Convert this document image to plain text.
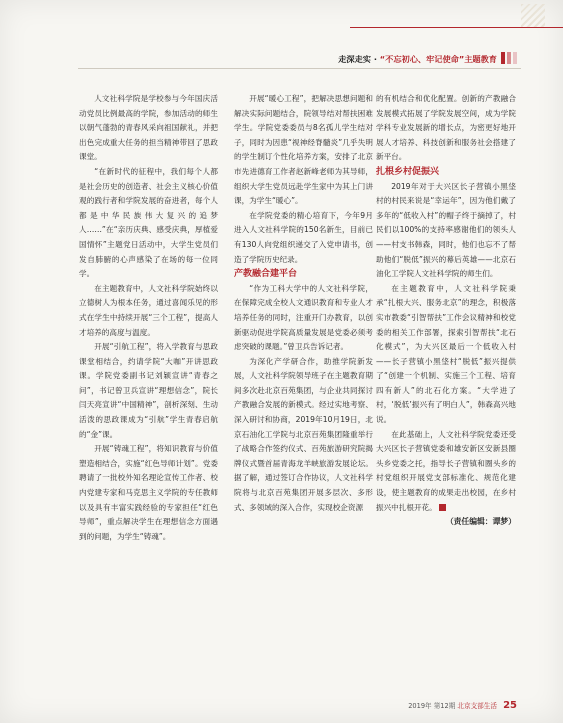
走深走实 · “不忘初心、牢记使命”主题教育

人文社科学院是学校参与今年国庆活动党员比例最高的学院，参加活动的师生以朝气蓬勃的青春风采向祖国献礼，并把出色完成重大任务的担当精神带回了思政课堂。

“在新时代的征程中，我们每个人都是社会历史的创造者、社会主义核心价值观的践行者和学院发展的奋进者，每个人都是中华民族伟大复兴的追梦人……”在“亲历庆典、感受庆典，厚植爱国情怀”主题党日活动中，大学生党员们发自肺腑的心声感染了在场的每一位同学。

在主题教育中，人文社科学院始终以立德树人为根本任务，通过喜闻乐见的形式在学生中持续开展“三个工程”，提高人才培养的高度与温度。

开展“引航工程”，将入学教育与思政课堂相结合，约请学院“大咖”开讲思政课。学院党委副书记刘颖宣讲“青春之问”，书记曾卫兵宣讲“理想信念”，院长闫天亮宣讲“中国精神”，剖析深刻、生动活泼的思政课成为“引航”学生青春启航的“金”课。

开展“铸魂工程”，将知识教育与价值塑造相结合，实施“红色导师计划”。党委聘请了一批校外知名理论宣传工作者、校内党建专家和马克思主义学院的专任教师以及具有丰富实践经验的专家担任“红色导师”，重点解决学生在理想信念方面遇到的问题，为学生“铸魂”。

开展“暖心工程”，把解决思想问题和解决实际问题结合，院领导结对帮扶困难学生。学院党委委员与8名孤儿学生结对子，同时为因患“视神经脊髓炎”几乎失明的学生制订个性化培养方案，安排了北京市先进德育工作者赵新峰老师为其导师，组织大学生党员远赴学生家中为其上门讲课，为学生“暖心”。

在学院党委的精心培育下，今年9月进入人文社科学院的150名新生，目前已有130人向党组织递交了入党申请书，创造了学院历史纪录。

产教融合建平台

“作为工科大学中的人文社科学院，在保障完成全校人文通识教育和专业人才培养任务的同时，注重开门办教育，以创新驱动促进学院高质量发展是党委必须考虑突破的课题。”曾卫兵告诉记者。

为深化产学研合作，助推学院新发展，人文社科学院领导班子在主题教育期间多次赴北京百苑集团，与企业共同探讨产教融合发展的新模式。经过实地考察、深入研讨和协商，2019年10月19日，北京石油化工学院与北京百苑集团隆重举行了战略合作签约仪式、百苑旅游研究院揭牌仪式暨首届青海龙羊峡旅游发展论坛。据了解，通过签订合作协议，人文社科学院将与北京百苑集团开展多层次、多形式、多领域的深入合作，实现校企资源

的有机结合和优化配置。创新的产教融合发展模式拓展了学院发展空间，成为学院学科专业发展新的增长点，为密更好地开展人才培养、科技创新和服务社会搭建了新平台。

扎根乡村促振兴

2019年对于大兴区长子营镇小黑垡村的村民来说是“幸运年”，因为他们戴了多年的“低收入村”的帽子终于摘掉了，村民们以100%的支持率感谢他们的领头人——村支书韩森，同时，他们也忘不了帮助他们“脱低”振兴的幕后英雄——北京石油化工学院人文社科学院的师生们。

在主题教育中，人文社科学院秉承“扎根大兴、服务北京”的理念，积极落实市教委“引智帮扶”工作会议精神和校党委的相关工作部署，探索引智帮扶“北石化模式”，为大兴区最后一个低收入村——长子营镇小黑垡村“脱低”振兴提供了“创建一个机制、实施三个工程、培育四有新人”的北石化方案。“大学进了村，‘脱低’振兴有了明白人”，韩森高兴地说。

在此基础上，人文社科学院党委还受大兴区长子营镇党委和雄安新区安新县圈头乡党委之托，指导长子营镇和圈头乡的村党组织开展党支部标准化、规范化建设，使主题教育的成果走出校园，在乡村振兴中扎根开花。

（责任编辑：谭梦）

2019年 第12期 北京支部生活 25
